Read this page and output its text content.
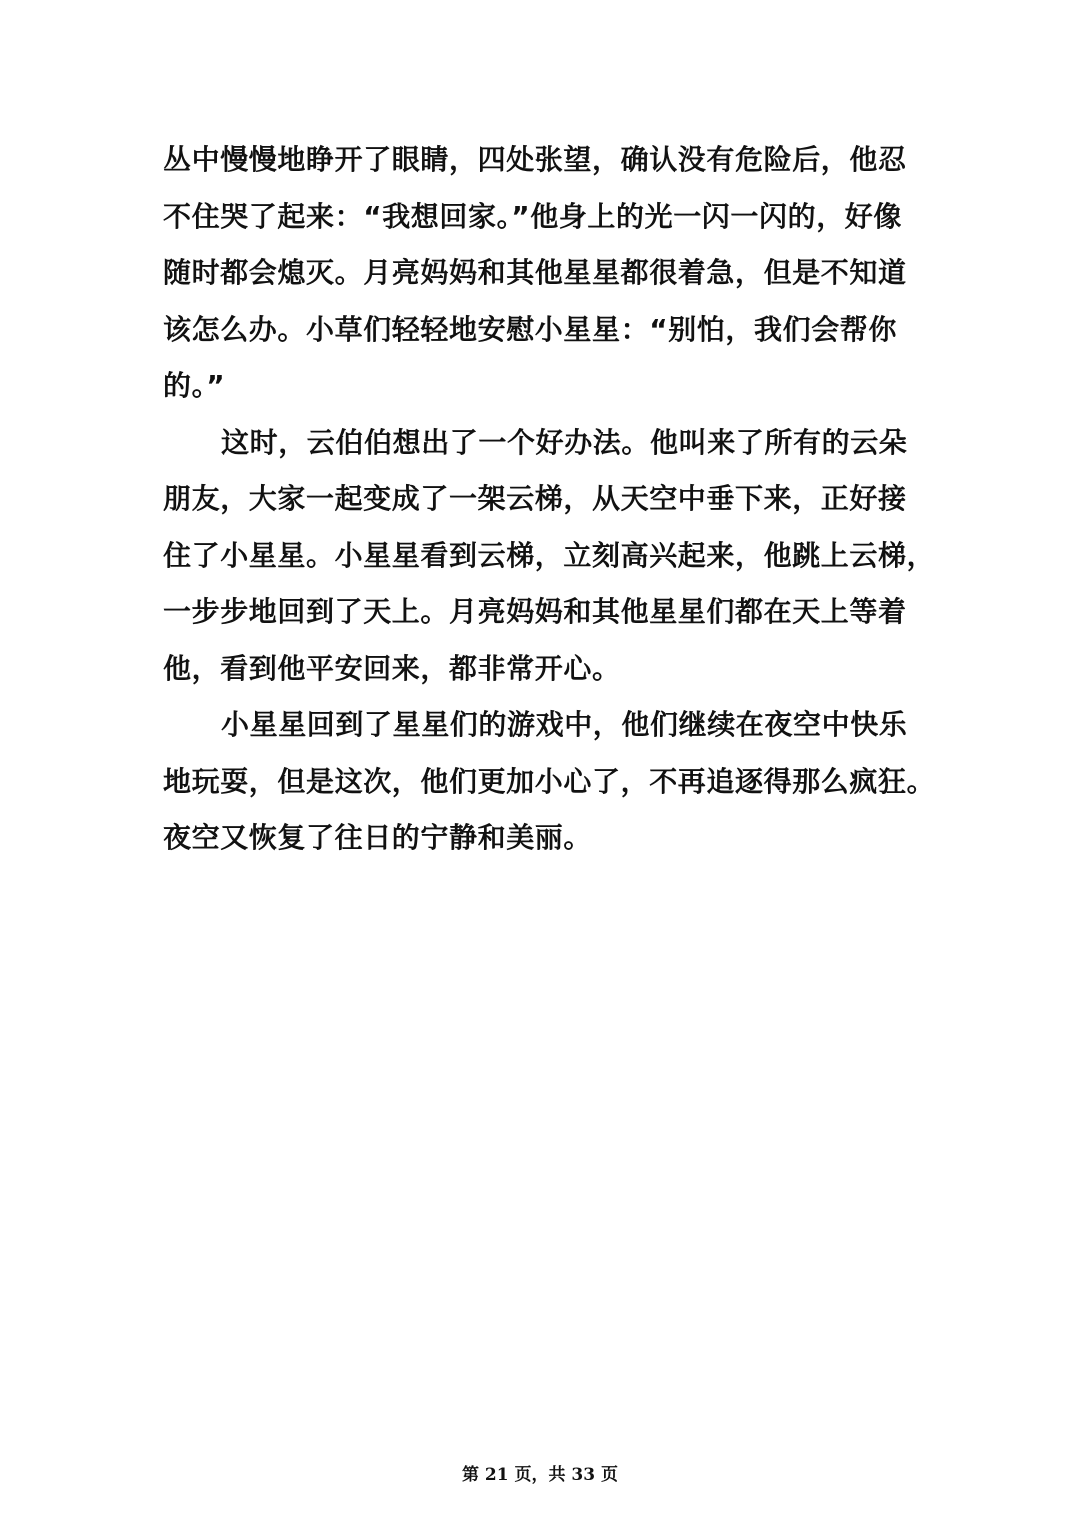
丛中慢慢地睁开了眼睛，四处张望，确认没有危险后，他忍
不住哭了起来：“我想回家。”他身上的光一闪一闪的，好像
随时都会熄灭。月亮妈妈和其他星星都很着急，但是不知道
该怎么办。小草们轻轻地安慰小星星：“别怕，我们会帮你
的。”
这时，云伯伯想出了一个好办法。他叫来了所有的云朵
朋友，大家一起变成了一架云梯，从天空中垂下来，正好接
住了小星星。小星星看到云梯，立刻高兴起来，他跳上云梯，
一步步地回到了天上。月亮妈妈和其他星星们都在天上等着
他，看到他平安回来，都非常开心。
小星星回到了星星们的游戏中，他们继续在夜空中快乐
地玩耍，但是这次，他们更加小心了，不再追逐得那么疯狂。
夜空又恢复了往日的宁静和美丽。
第 21 页，共 33 页
